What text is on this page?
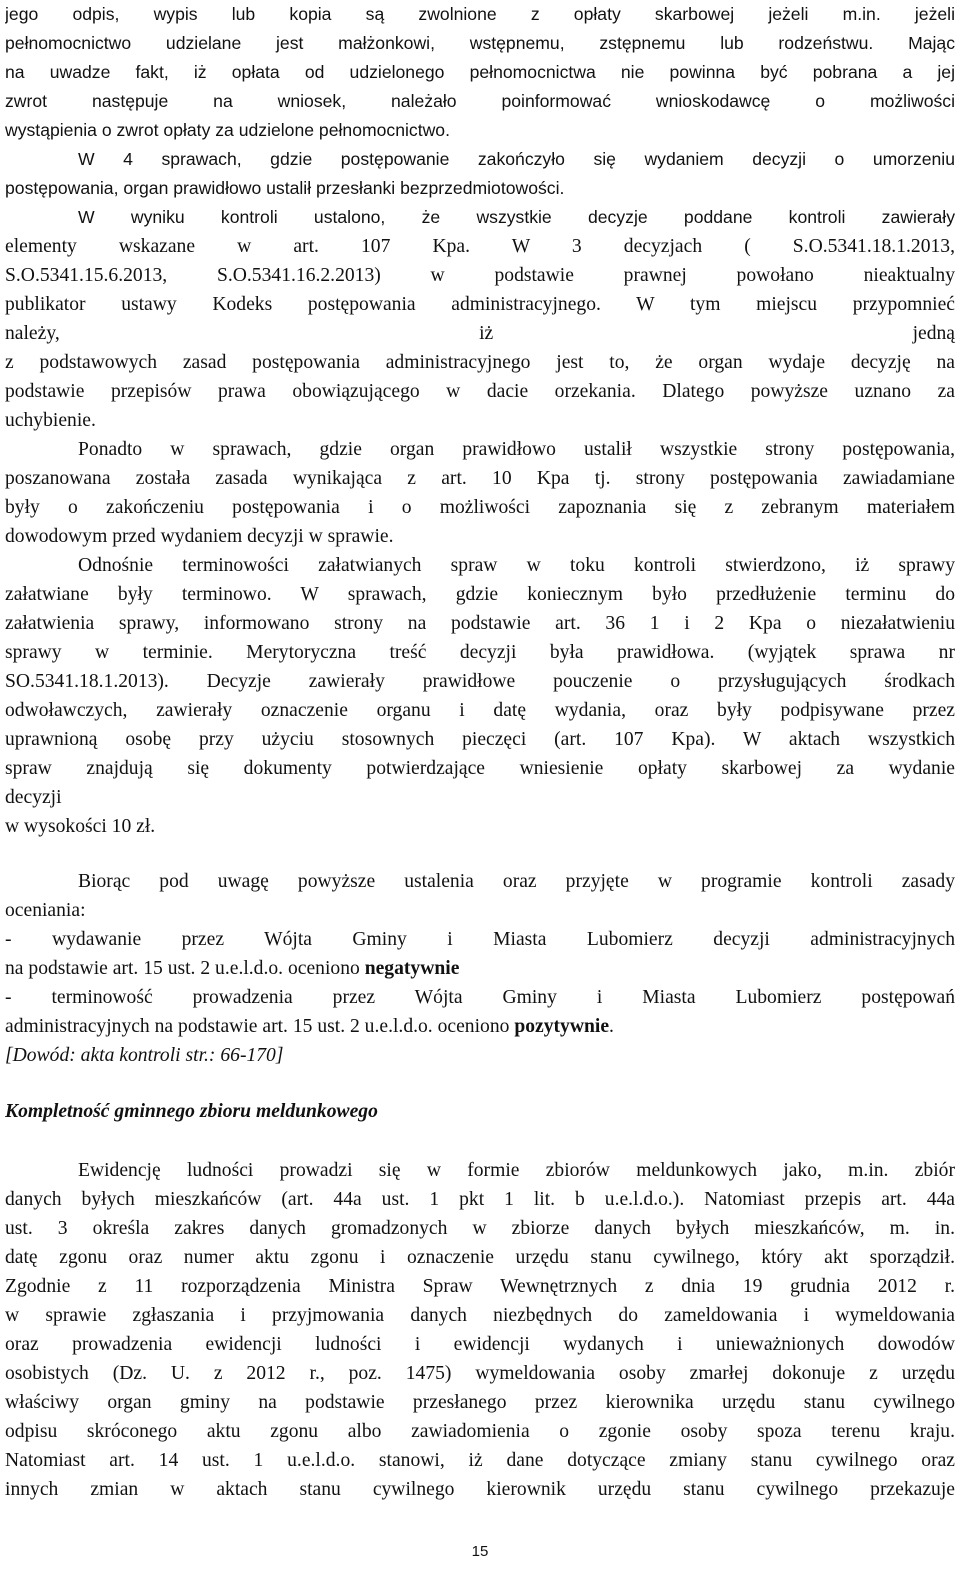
jego odpis, wypis lub kopia są zwolnione z opłaty skarbowej jeżeli m.in. jeżeli

pełnomocnictwo udzielane jest małżonkowi, wstępnemu, zstępnemu lub rodzeństwu. Mając

na uwadze fakt, iż opłata od udzielonego pełnomocnictwa nie powinna być pobrana a jej

zwrot następuje na wniosek, należało poinformować wnioskodawcę o możliwości

wystąpienia o zwrot opłaty za udzielone pełnomocnictwo.

W 4 sprawach, gdzie postępowanie zakończyło się wydaniem decyzji o umorzeniu

postępowania, organ prawidłowo ustalił przesłanki bezprzedmiotowości.

W wyniku kontroli ustalono, że wszystkie decyzje poddane kontroli zawierały

elementy wskazane w art. 107 Kpa. W 3 decyzjach ( S.O.5341.18.1.2013,

S.O.5341.15.6.2013, S.O.5341.16.2.2013) w podstawie prawnej powołano nieaktualny

publikator ustawy Kodeks postępowania administracyjnego. W tym miejscu przypomnieć

należy, iż jedną

z podstawowych zasad postępowania administracyjnego jest to, że organ wydaje decyzję na

podstawie przepisów prawa obowiązującego w dacie orzekania. Dlatego powyższe uznano za

uchybienie.

Ponadto w sprawach, gdzie organ prawidłowo ustalił wszystkie strony postępowania,

poszanowana została zasada wynikająca z art. 10 Kpa tj. strony postępowania zawiadamiane

były o zakończeniu postępowania i o możliwości zapoznania się z zebranym materiałem

dowodowym przed wydaniem decyzji w sprawie.

Odnośnie terminowości załatwianych spraw w toku kontroli stwierdzono, iż sprawy

załatwiane były terminowo. W sprawach, gdzie koniecznym było przedłużenie terminu do

załatwienia sprawy, informowano strony na podstawie art. 36 1 i 2 Kpa o niezałatwieniu

sprawy w terminie. Merytoryczna treść decyzji była prawidłowa. (wyjątek sprawa nr

SO.5341.18.1.2013). Decyzje zawierały prawidłowe pouczenie o przysługujących środkach

odwoławczych, zawierały oznaczenie organu i datę wydania, oraz były podpisywane przez

uprawnioną osobę przy użyciu stosownych pieczęci (art. 107 Kpa). W aktach wszystkich

spraw znajdują się dokumenty potwierdzające wniesienie opłaty skarbowej za wydanie

decyzji

w wysokości 10 zł.

Biorąc pod uwagę powyższe ustalenia oraz przyjęte w programie kontroli zasady

oceniania:

- wydawanie przez Wójta Gminy i Miasta Lubomierz decyzji administracyjnych

na podstawie art. 15 ust. 2 u.e.l.d.o. oceniono negatywnie

- terminowość prowadzenia przez Wójta Gminy i Miasta Lubomierz postępowań

administracyjnych na podstawie art. 15 ust. 2 u.e.l.d.o. oceniono pozytywnie.

[Dowód: akta kontroli str.: 66-170]

Kompletność gminnego zbioru meldunkowego

Ewidencję ludności prowadzi się w formie zbiorów meldunkowych jako, m.in. zbiór

danych byłych mieszkańców (art. 44a ust. 1 pkt 1 lit. b u.e.l.d.o.). Natomiast przepis art. 44a

ust. 3 określa zakres danych gromadzonych w zbiorze danych byłych mieszkańców, m. in.

datę zgonu oraz numer aktu zgonu i oznaczenie urzędu stanu cywilnego, który akt sporządził.

Zgodnie z 11 rozporządzenia Ministra Spraw Wewnętrznych z dnia 19 grudnia 2012 r.

w sprawie zgłaszania i przyjmowania danych niezbędnych do zameldowania i wymeldowania

oraz prowadzenia ewidencji ludności i ewidencji wydanych i unieważnionych dowodów

osobistych (Dz. U. z 2012 r., poz. 1475) wymeldowania osoby zmarłej dokonuje z urzędu

właściwy organ gminy na podstawie przesłanego przez kierownika urzędu stanu cywilnego

odpisu skróconego aktu zgonu albo zawiadomienia o zgonie osoby spoza terenu kraju.

Natomiast art. 14 ust. 1 u.e.l.d.o. stanowi, iż dane dotyczące zmiany stanu cywilnego oraz

innych zmian w aktach stanu cywilnego kierownik urzędu stanu cywilnego przekazuje

15
